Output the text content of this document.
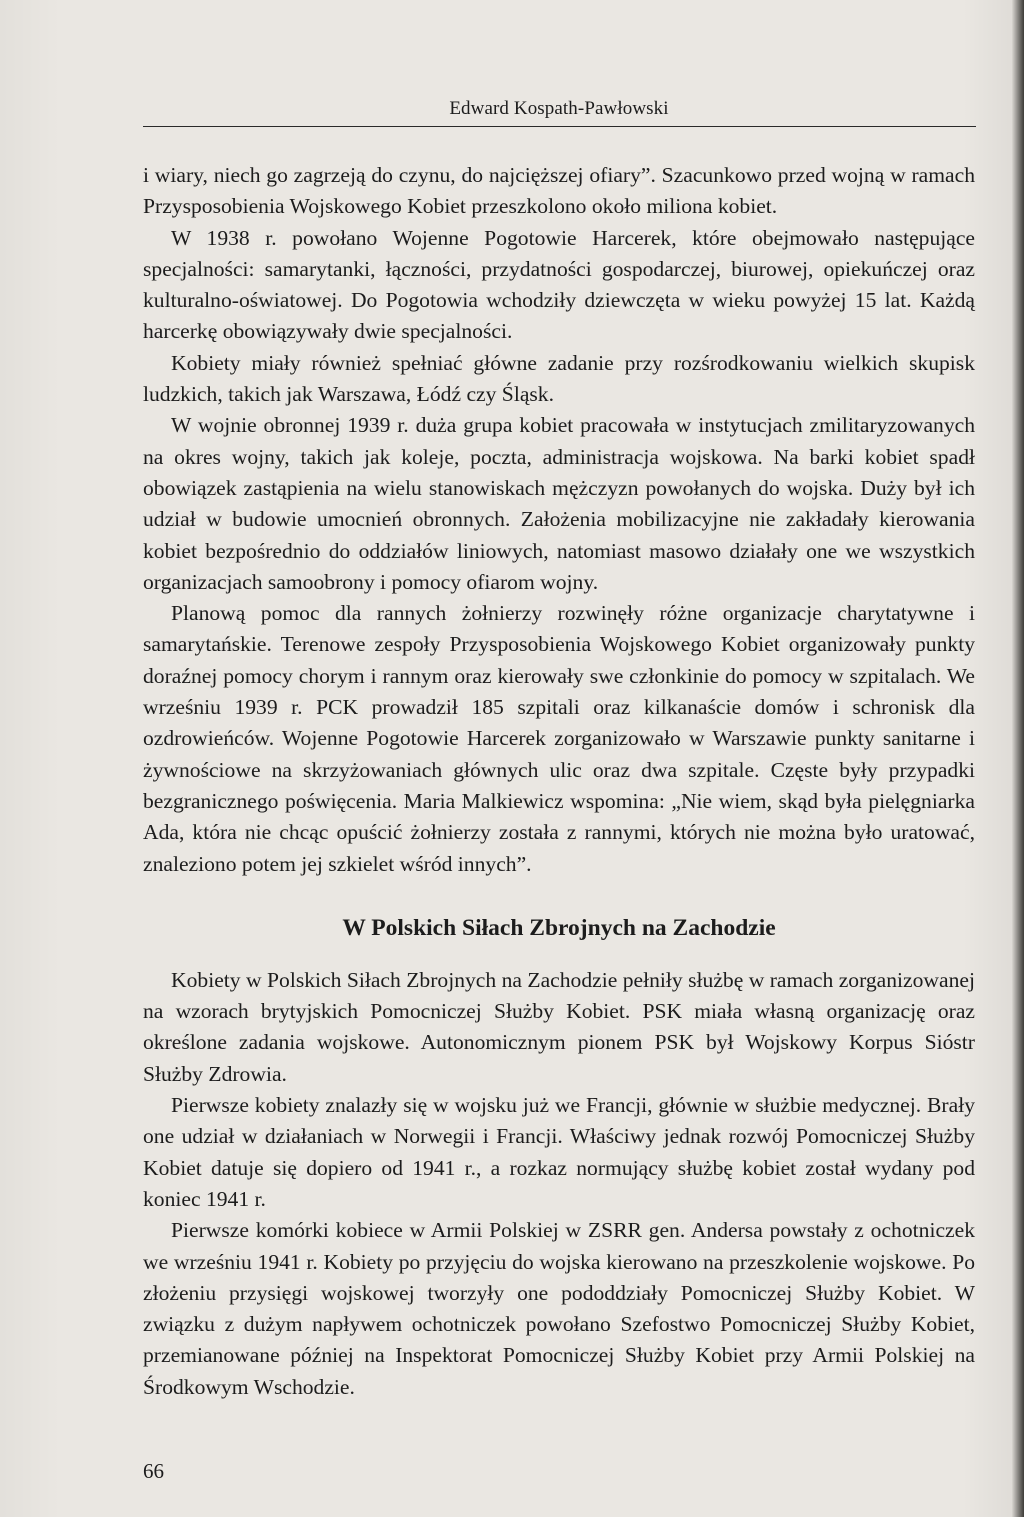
Edward Kospath-Pawłowski

i wiary, niech go zagrzeją do czynu, do najcięższej ofiary”. Szacunkowo przed wojną w ramach Przysposobienia Wojskowego Kobiet przeszkolono około miliona kobiet.

W 1938 r. powołano Wojenne Pogotowie Harcerek, które obejmowało następujące specjalności: samarytanki, łączności, przydatności gospodarczej, biurowej, opiekuńczej oraz kulturalno-oświatowej. Do Pogotowia wchodziły dziewczęta w wieku powyżej 15 lat. Każdą harcerkę obowiązywały dwie specjalności.

Kobiety miały również spełniać główne zadanie przy rozśrodkowaniu wielkich skupisk ludzkich, takich jak Warszawa, Łódź czy Śląsk.

W wojnie obronnej 1939 r. duża grupa kobiet pracowała w instytucjach zmilitaryzowanych na okres wojny, takich jak koleje, poczta, administracja wojskowa. Na barki kobiet spadł obowiązek zastąpienia na wielu stanowiskach mężczyzn powołanych do wojska. Duży był ich udział w budowie umocnień obronnych. Założenia mobilizacyjne nie zakładały kierowania kobiet bezpośrednio do oddziałów liniowych, natomiast masowo działały one we wszystkich organizacjach samoobrony i pomocy ofiarom wojny.

Planową pomoc dla rannych żołnierzy rozwinęły różne organizacje charytatywne i samarytańskie. Terenowe zespoły Przysposobienia Wojskowego Kobiet organizowały punkty doraźnej pomocy chorym i rannym oraz kierowały swe członkinie do pomocy w szpitalach. We wrześniu 1939 r. PCK prowadził 185 szpitali oraz kilkanaście domów i schronisk dla ozdrowieńców. Wojenne Pogotowie Harcerek zorganizowało w Warszawie punkty sanitarne i żywnościowe na skrzyżowaniach głównych ulic oraz dwa szpitale. Częste były przypadki bezgranicznego poświęcenia. Maria Malkiewicz wspomina: „Nie wiem, skąd była pielęgniarka Ada, która nie chcąc opuścić żołnierzy została z rannymi, których nie można było uratować, znaleziono potem jej szkielet wśród innych”.

W Polskich Siłach Zbrojnych na Zachodzie

Kobiety w Polskich Siłach Zbrojnych na Zachodzie pełniły służbę w ramach zorganizowanej na wzorach brytyjskich Pomocniczej Służby Kobiet. PSK miała własną organizację oraz określone zadania wojskowe. Autonomicznym pionem PSK był Wojskowy Korpus Sióstr Służby Zdrowia.

Pierwsze kobiety znalazły się w wojsku już we Francji, głównie w służbie medycznej. Brały one udział w działaniach w Norwegii i Francji. Właściwy jednak rozwój Pomocniczej Służby Kobiet datuje się dopiero od 1941 r., a rozkaz normujący służbę kobiet został wydany pod koniec 1941 r.

Pierwsze komórki kobiece w Armii Polskiej w ZSRR gen. Andersa powstały z ochotniczek we wrześniu 1941 r. Kobiety po przyjęciu do wojska kierowano na przeszkolenie wojskowe. Po złożeniu przysięgi wojskowej tworzyły one pododdziały Pomocniczej Służby Kobiet. W związku z dużym napływem ochotniczek powołano Szefostwo Pomocniczej Służby Kobiet, przemianowane później na Inspektorat Pomocniczej Służby Kobiet przy Armii Polskiej na Środkowym Wschodzie.

66
